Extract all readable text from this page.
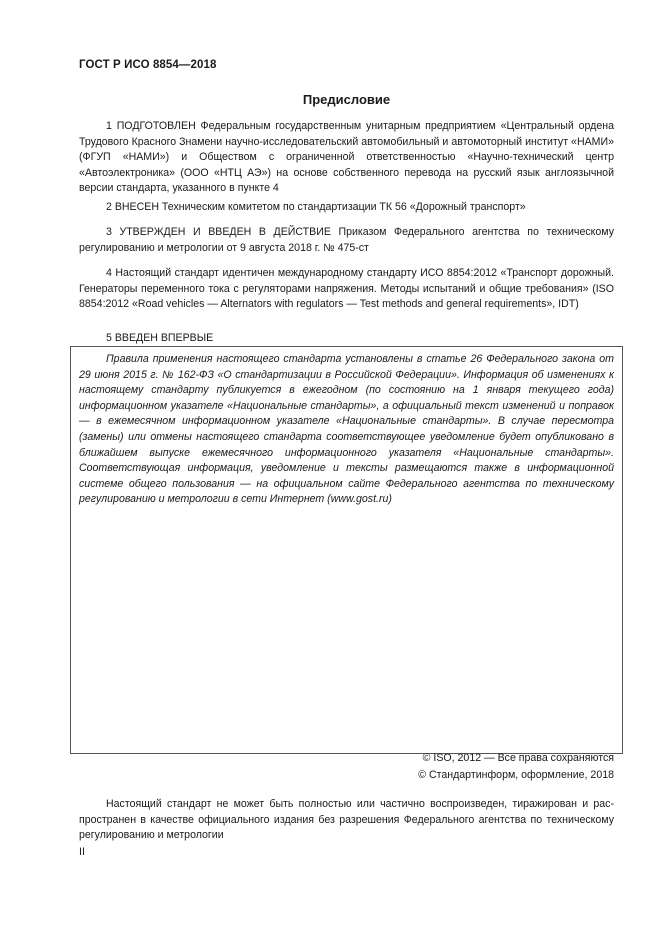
ГОСТ Р ИСО 8854—2018
Предисловие

1 ПОДГОТОВЛЕН Федеральным государственным унитарным предприятием «Центральный ордена Трудового Красного Знамени научно-исследовательский автомобильный и автомоторный институт «НАМИ» (ФГУП «НАМИ») и Обществом с ограниченной ответственностью «Научно-технический центр «Автоэлектроника» (ООО «НТЦ АЭ») на основе собственного перевода на русский язык англоязычной версии стандарта, указанного в пункте 4

2 ВНЕСЕН Техническим комитетом по стандартизации ТК 56 «Дорожный транспорт»

3 УТВЕРЖДЕН И ВВЕДЕН В ДЕЙСТВИЕ Приказом Федерального агентства по техническому регулированию и метрологии от 9 августа 2018 г. № 475-ст

4 Настоящий стандарт идентичен международному стандарту ИСО 8854:2012 «Транспорт дорожный. Генераторы переменного тока с регуляторами напряжения. Методы испытаний и общие требования» (ISO 8854:2012 «Road vehicles — Alternators with regulators — Test methods and general requirements», IDT)

5 ВВЕДЕН ВПЕРВЫЕ

Правила применения настоящего стандарта установлены в статье 26 Федерального закона от 29 июня 2015 г. № 162-ФЗ «О стандартизации в Российской Федерации». Информация об изменениях к настоящему стандарту публикуется в ежегодном (по состоянию на 1 января текущего года) информационном указателе «Национальные стандарты», а официальный текст изменений и поправок — в ежемесячном информационном указателе «Национальные стандарты». В случае пересмотра (замены) или отмены настоящего стандарта соответствующее уведомление будет опубликовано в ближайшем выпуске ежемесячного информационного указателя «Национальные стандарты». Соответствующая информация, уведомление и тексты размещаются также в информационной системе общего пользования — на официальном сайте Федерального агентства по техническому регулированию и метрологии в сети Интернет (www.gost.ru)

© ISO, 2012 — Все права сохраняются
© Стандартинформ, оформление, 2018

Настоящий стандарт не может быть полностью или частично воспроизведен, тиражирован и распространен в качестве официального издания без разрешения Федерального агентства по техническому регулированию и метрологии

II
